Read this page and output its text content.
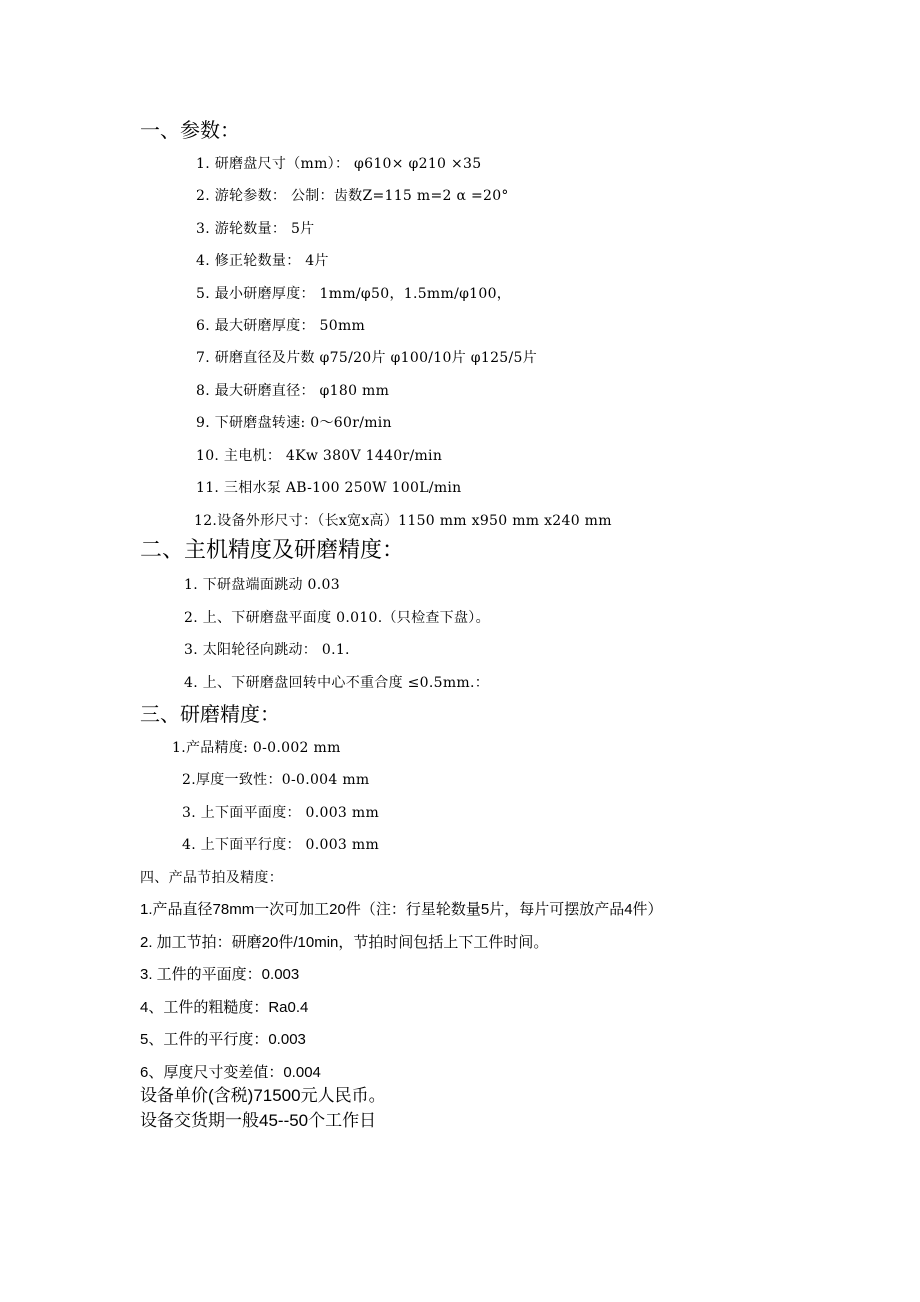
一、参数：
1. 研磨盘尺寸（mm）： φ610× φ210 ×35
2. 游轮参数： 公制：齿数Z=115 m=2 α =20°
3. 游轮数量： 5片
4. 修正轮数量： 4片
5. 最小研磨厚度： 1mm/φ50，1.5mm/φ100，
6. 最大研磨厚度： 50mm
7. 研磨直径及片数 φ75/20片 φ100/10片 φ125/5片
8. 最大研磨直径： φ180 mm
9. 下研磨盘转速: 0～60r/min
10. 主电机： 4Kw 380V 1440r/min
11. 三相水泵 AB-100 250W 100L/min
12.设备外形尺寸：（长x宽x高）1150 mm x950 mm x240 mm
二、主机精度及研磨精度：
1. 下研盘端面跳动 0.03
2. 上、下研磨盘平面度 0.010.（只检查下盘）。
3. 太阳轮径向跳动： 0.1.
4. 上、下研磨盘回转中心不重合度 ≤0.5mm.：
三、研磨精度：
1.产品精度: 0-0.002 mm
2.厚度一致性：0-0.004 mm
3. 上下面平面度： 0.003 mm
4. 上下面平行度： 0.003 mm
四、产品节拍及精度：
1.产品直径78mm一次可加工20件（注：行星轮数量5片，每片可摆放产品4件）
2. 加工节拍：研磨20件/10min，节拍时间包括上下工件时间。
3. 工件的平面度：0.003
4、工件的粗糙度：Ra0.4
5、工件的平行度：0.003
6、厚度尺寸变差值：0.004
设备单价(含税)71500元人民币。
设备交货期一般45--50个工作日
